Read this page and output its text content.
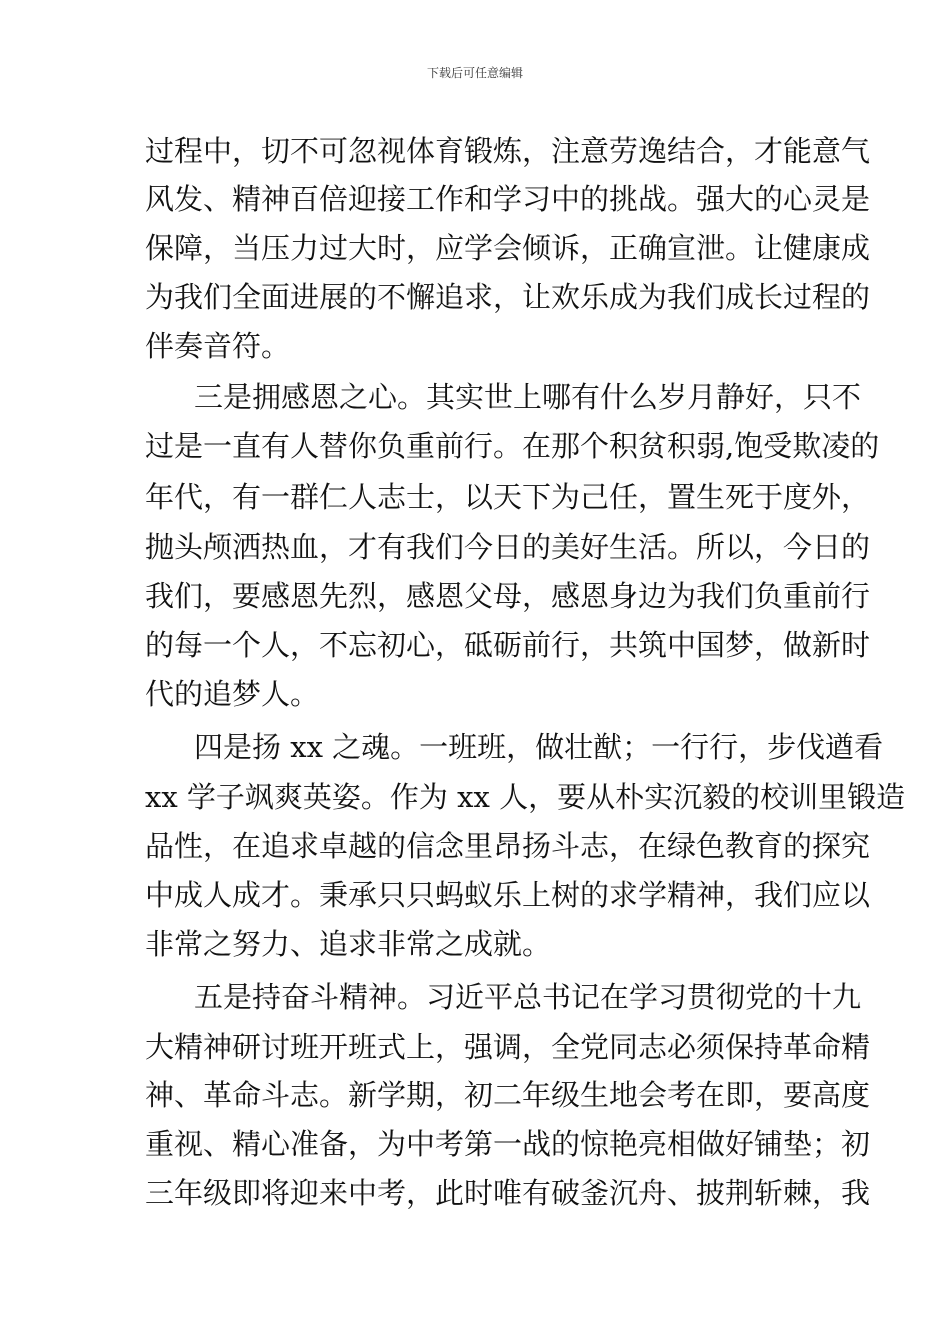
下载后可任意编辑
过程中，切不可忽视体育锻炼，注意劳逸结合，才能意气
风发、精神百倍迎接工作和学习中的挑战。强大的心灵是
保障，当压力过大时，应学会倾诉，正确宣泄。让健康成
为我们全面进展的不懈追求，让欢乐成为我们成长过程的
伴奏音符。
三是拥感恩之心。其实世上哪有什么岁月静好，只不
过是一直有人替你负重前行。在那个积贫积弱,饱受欺凌的
年代，有一群仁人志士，以天下为己任，置生死于度外，
抛头颅洒热血，才有我们今日的美好生活。所以，今日的
我们，要感恩先烈，感恩父母，感恩身边为我们负重前行
的每一个人，不忘初心，砥砺前行，共筑中国梦，做新时
代的追梦人。
四是扬 xx 之魂。一班班，做壮猷；一行行，步伐遒看
xx 学子飒爽英姿。作为 xx 人，要从朴实沉毅的校训里锻造
品性，在追求卓越的信念里昂扬斗志，在绿色教育的探究
中成人成才。秉承只只蚂蚁乐上树的求学精神，我们应以
非常之努力、追求非常之成就。
五是持奋斗精神。习近平总书记在学习贯彻党的十九
大精神研讨班开班式上，强调，全党同志必须保持革命精
神、革命斗志。新学期，初二年级生地会考在即，要高度
重视、精心准备，为中考第一战的惊艳亮相做好铺垫；初
三年级即将迎来中考，此时唯有破釜沉舟、披荆斩棘，我
